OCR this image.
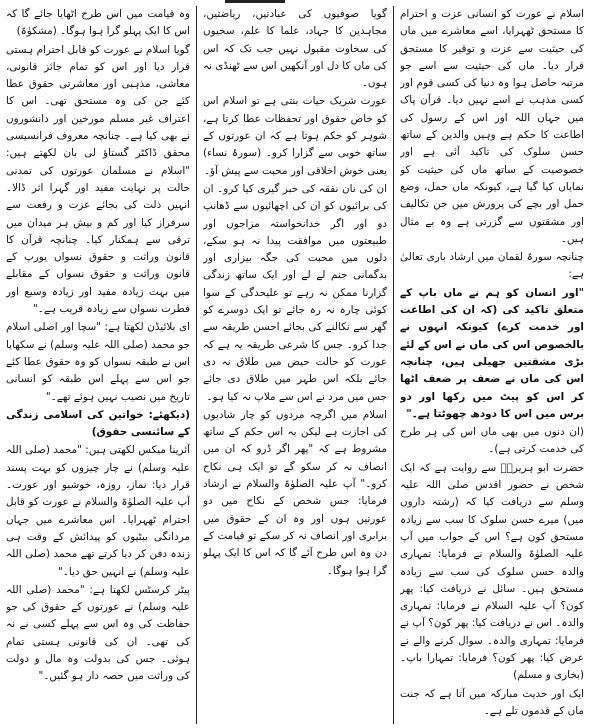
اسلام نے عورت کو انسانی عزت و احترام کا مستحق ٹھہرایا، اسے معاشرے میں ماں کی حیثیت سے عزت و توقیر کا مستحق قرار دیا۔ ماں کی حیثیت سے اسے جو مرتبہ حاصل ہوا وہ دنیا کی کسی قوم اور کسی مذہب نے اسے نہیں دیا۔ قرآن پاک میں جہاں اللہ اور اس کے رسول کی اطاعت کا حکم ہے وہیں والدین کے ساتھ حسن سلوک کی تاکید آئی ہے اور خصوصیت کے ساتھ ماں کی حیثیت کو نمایاں کیا گیا ہے، کیونکہ ماں حمل، وضع حمل اور بچے کی پرورش میں جن تکالیف اور مشقتوں سے گزرتی ہے وہ بے مثال ہیں۔

چنانچہ سورۃ لقمان میں ارشاد باری تعالیٰ ہے:

"اور انسان کو ہم نے ماں باپ کے متعلق تاکید کی (کہ ان کی اطاعت اور خدمت کرے) کیونکہ انہوں نے بالخصوص اس کی ماں نے اس کے لئے بڑی مشقتیں جھیلی ہیں، چنانچہ اس کی ماں نے ضعف پر ضعف اٹھا کر اس کو پیٹ میں رکھا اور دو برس میں اس کا دودھ چھوٹتا ہے۔"

(ان دنوں میں بھی ماں اس کی ہر طرح کی خدمت کرتی ہے)۔

حضرت ابو ہریرہؓ سے روایت ہے کہ ایک شخص نے حضور اقدس صلی اللہ علیہ وسلم سے دریافت کیا کہ (رشتہ داروں میں) میرے حسن سلوک کا سب سے زیادہ مستحق کون ہے؟ اس کے جواب میں آپ علیہ الصلوٰۃ والسلام نے فرمایا: تمہاری والدہ حسن سلوک کی سب سے زیادہ مستحق ہیں۔ سائل نے دریافت کیا: پھر کون؟ آپ علیہ السلام نے فرمایا: تمہاری والدہ۔ اس نے دریافت کیا: پھر کون؟ آپ نے فرمایا: تمہاری والدہ۔ سوال کرنے والے نے عرض کیا: پھر کون؟ فرمایا: تمہارا باپ۔ (بخاری و مسلم)

ایک اور حدیث مبارکہ میں آتا ہے کہ جنت ماں کے قدموں تلے ہے۔

گویا صوفیوں کی عبادتیں، ریاضتیں، مجاہدین کا جہاد، علما کا علم، سخیوں کی سخاوت مقبول نہیں جب تک کہ اس کی ماں کا دل اور آنکھیں اس سے ٹھنڈی نہ ہوں۔

عورت شریک حیات بنتی ہے تو اسلام اس کو خاص حقوق اور تحفظات عطا کرتا ہے، شوہر کو حکم ہوتا ہے کہ ان عورتوں کے ساتھ خوبی سے گزارا کرو۔ (سورۂ نساء) یعنی خوش اخلاقی اور محبت سے پیش آؤ۔

ان کی نان نفقہ کی خبر گیری کیا کرو۔ ان کی برائیوں کو ان کی اچھائیوں سے ڈھانپ دو اور اگر خدانخواستہ مزاجوں اور طبیعتوں میں موافقت پیدا نہ ہو سکے، دلوں میں محبت کی جگہ بیزاری اور بدگمانی جنم لے لے اور ایک ساتھ زندگی گزارنا ممکن نہ رہے تو علیحدگی کے سوا کوئی چارہ نہ رہ جائے تو ایک دوسرے کو گھر سے نکالنے کی بجائے احسن طریقہ سے جدا کرو۔ جس کا شرعی طریقہ یہ ہے کہ عورت کو حالت حیض میں طلاق نہ دی جائے بلکہ اس طہر میں طلاق دی جائے جس میں مرد نے اس سے ملاپ نہ کیا ہو۔

اسلام میں اگرچہ مردوں کو چار شادیوں کی اجازت ہے لیکن یہ اس حکم کے ساتھ مشروط ہے کہ "پھر اگر ڈرو کہ ان میں انصاف نہ کر سکو گے تو ایک ہی نکاح کرو۔" آپ علیہ الصلوٰۃ والسلام نے ارشاد فرمایا: جس شخص کے نکاح میں دو عورتیں ہوں اور وہ ان کے حقوق میں برابری اور انصاف نہ کر سکے تو قیامت کے دن وہ اس طرح آئے گا کہ اس کا ایک پہلو گرا ہوا ہوگا۔

وہ قیامت میں اس طرح اٹھایا جائے گا کہ اس کا ایک پہلو گرا ہوا ہوگا۔ (مشکوٰۃ)

گویا اسلام نے عورت کو قابل احترام ہستی قرار دیا اور اس کو تمام جائز قانونی، معاشی، مذہبی اور معاشرتی حقوق عطا کئے جن کی وہ مستحق تھی۔ اس کا اعتراف غیر مسلم مورخین اور دانشوروں نے بھی کیا ہے۔ چنانچہ معروف فرانسیسی محقق ڈاکٹر گستاؤ لی بان لکھتے ہیں: "اسلام نے مسلمان عورتوں کی تمدنی حالت پر نہایت مفید اور گہرا اثر ڈالا۔ انہیں ذلت کی بجائے عزت و رفعت سے سرفراز کیا اور کم و بیش ہر میدان میں ترقی سے ہمکنار کیا۔ چنانچہ قرآن کا قانون وراثت و حقوق نسواں یورپ کے قانون وراثت و حقوق نسواں کے مقابلے میں بہت زیادہ مفید اور زیادہ وسیع اور فطرت نسواں سے زیادہ قریب ہے۔"

ای بلائیڈن لکھتا ہے: "سچا اور اصلی اسلام جو محمد (صلی اللہ علیہ وسلم) نے سکھایا اس نے طبقہ نسواں کو وہ حقوق عطا کئے جو اس سے پہلے اس طبقہ کو انسانی تاریخ میں نصیب نہیں ہوئے تھے۔"

(دیکھئے: خواتین کی اسلامی زندگی کے سائنسی حقوق)

آئرینا میکس لکھتی ہیں: "محمد (صلی اللہ علیہ وسلم) نے چار چیزوں کو بہت پسند قرار دیا: نماز، روزہ، خوشبو اور عورت۔ آپ علیہ الصلوٰۃ والسلام نے عورت کو قابل احترام ٹھہرایا۔ اس معاشرے میں جہاں مردانگی بیٹیوں کو پیدائش کے وقت ہی زندہ دفن کر دیا کرتے تھے محمد (صلی اللہ علیہ وسلم) نے انہیں حق دیا۔"

پیٹر کرسٹس لکھتا ہے: "محمد (صلی اللہ علیہ وسلم) نے عورتوں کے حقوق کی جو حفاظت کی وہ اس سے پہلے کسی نے نہ کی تھی۔ ان کی قانونی ہستی تمام ہوئی۔ جس کی بدولت وہ مال و دولت کی وراثت میں حصہ دار ہو گئیں۔"
